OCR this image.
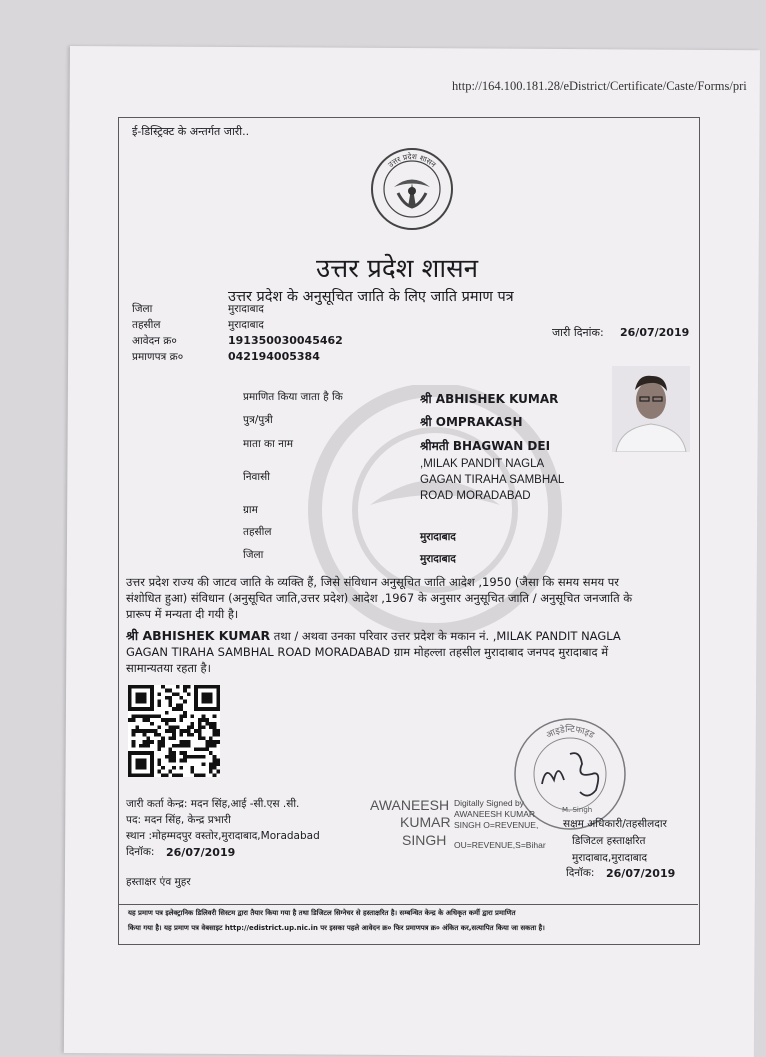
http://164.100.181.28/eDistrict/Certificate/Caste/Forms/pri
ई-डिस्ट्रिक्ट के अन्तर्गत जारी..
उत्तर प्रदेश शासन
उत्तर प्रदेश शासन
उत्तर प्रदेश के अनुसूचित जाति के लिए जाति प्रमाण पत्र
जिला	मुरादाबाद
तहसील	मुरादाबाद
आवेदन क्र०	191350030045462
प्रमाणपत्र क्र०	042194005384
जारी दिनांक: 26/07/2019
प्रमाणित किया जाता है कि	श्री ABHISHEK KUMAR
पुत्र/पुत्री	श्री OMPRAKASH
माता का नाम	श्रीमती BHAGWAN DEI
निवासी
,MILAK PANDIT NAGLA
GAGAN TIRAHA SAMBHAL
ROAD MORADABAD
ग्राम
तहसील	मुरादाबाद
जिला	मुरादाबाद
उत्तर प्रदेश राज्य की जाटव जाति के व्यक्ति हैं, जिसे संविधान अनुसूचित जाति आदेश ,1950 (जैसा कि समय समय पर
संशोधित हुआ) संविधान (अनुसूचित जाति,उत्तर प्रदेश) आदेश ,1967 के अनुसार अनुसूचित जाति / अनुसूचित जनजाति के
प्रारूप में मन्यता दी गयी है।
श्री ABHISHEK KUMAR तथा / अथवा उनका परिवार उत्तर प्रदेश के मकान नं. ,MILAK PANDIT NAGLA
GAGAN TIRAHA SAMBHAL ROAD MORADABAD ग्राम मोहल्ला तहसील मुरादाबाद जनपद मुरादाबाद में
सामान्यतया रहता है।
आइडेन्टिफाइड
M. Singh
जारी कर्ता केन्द्र: मदन सिंह,आई -सी.एस .सी.
पद: मदन सिंह, केन्द्र प्रभारी
स्थान :मोहम्मदपुर वस्तोर,मुरादाबाद,Moradabad
दिनॉक: 26/07/2019
हस्ताक्षर एंव मुहर
AWANEESH
KUMAR
SINGH
Digitally Signed by
AWANEESH KUMAR
SINGH O=REVENUE,
OU=REVENUE,S=Bihar
सक्षम अधिकारी/तहसीलदार
डिजिटल हस्ताक्षरित
मुरादाबाद,मुरादाबाद
दिनॉक: 26/07/2019
यह प्रमाण पत्र इलेक्ट्रानिक डिलिवरी सिस्टम द्वारा तैयार किया गया है तथा डिजिटल सिग्नेचर से हस्ताक्षरित है। सम्बन्धित केन्द्र के अधिकृत कर्मी द्वारा प्रमाणित
किया गया है। यह प्रमाण पत्र वेबसाइट http://edistrict.up.nic.in पर इसका पहले आवेदन क्र० फिर प्रमाणपत्र क्र० अंकित कर,सत्यापित किया जा सकता है।
